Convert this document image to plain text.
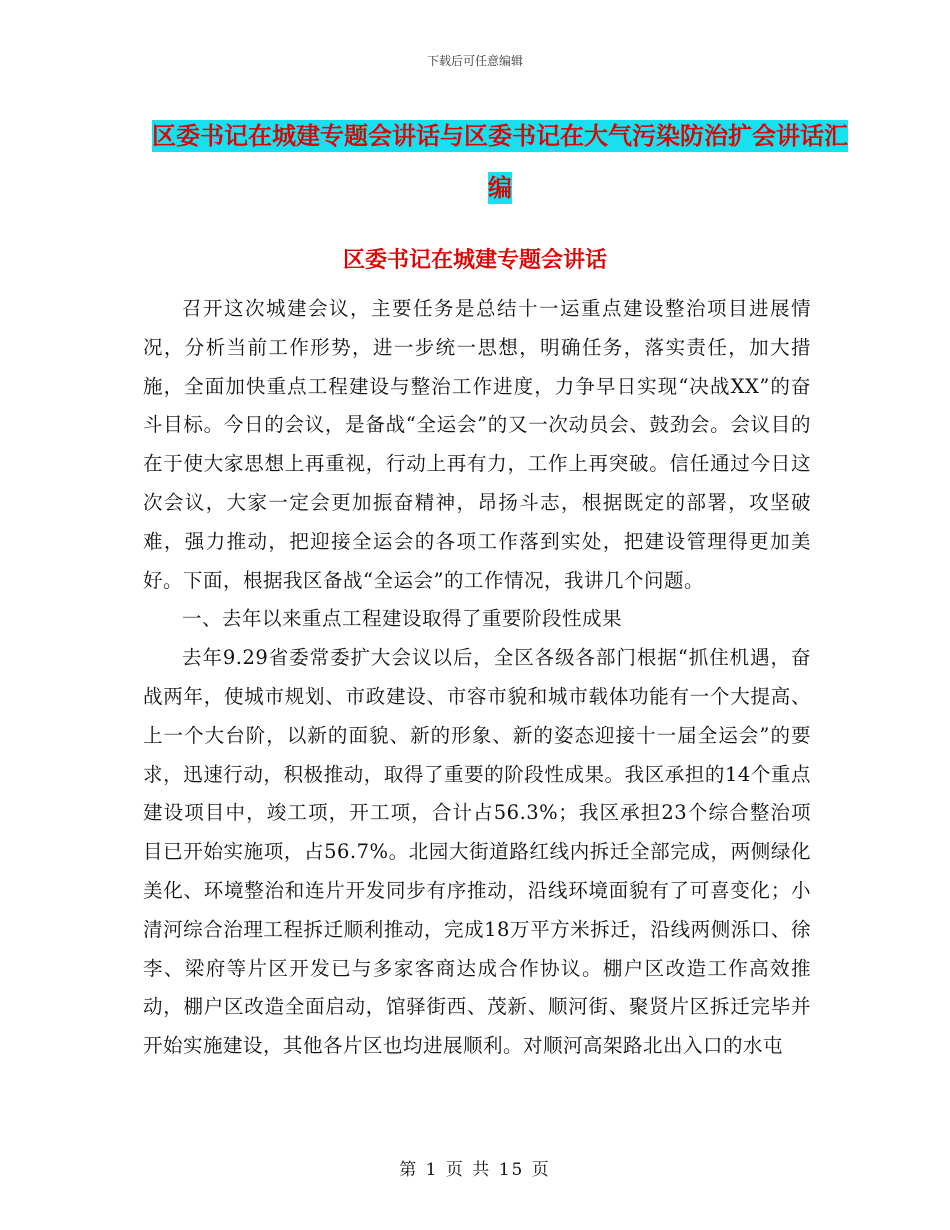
下载后可任意编辑
区委书记在城建专题会讲话与区委书记在大气污染防治扩会讲话汇编
区委书记在城建专题会讲话

召开这次城建会议，主要任务是总结十一运重点建设整治项目进展情况，分析当前工作形势，进一步统一思想，明确任务，落实责任，加大措施，全面加快重点工程建设与整治工作进度，力争早日实现“决战XX”的奋斗目标。今日的会议，是备战“全运会”的又一次动员会、鼓劲会。会议目的在于使大家思想上再重视，行动上再有力，工作上再突破。信任通过今日这次会议，大家一定会更加振奋精神，昂扬斗志，根据既定的部署，攻坚破难，强力推动，把迎接全运会的各项工作落到实处，把建设管理得更加美好。下面，根据我区备战“全运会”的工作情况，我讲几个问题。

一、去年以来重点工程建设取得了重要阶段性成果

去年9.29省委常委扩大会议以后，全区各级各部门根据“抓住机遇，奋战两年，使城市规划、市政建设、市容市貌和城市载体功能有一个大提高、上一个大台阶，以新的面貌、新的形象、新的姿态迎接十一届全运会”的要求，迅速行动，积极推动，取得了重要的阶段性成果。我区承担的14个重点建设项目中，竣工项，开工项，合计占56.3%；我区承担23个综合整治项目已开始实施项，占56.7%。北园大街道路红线内拆迁全部完成，两侧绿化美化、环境整治和连片开发同步有序推动，沿线环境面貌有了可喜变化；小清河综合治理工程拆迁顺利推动，完成18万平方米拆迁，沿线两侧泺口、徐李、梁府等片区开发已与多家客商达成合作协议。棚户区改造工作高效推动，棚户区改造全面启动，馆驿街西、茂新、顺河街、聚贤片区拆迁完毕并开始实施建设，其他各片区也均进展顺利。对顺河高架路北出入口的水屯

第 1 页 共 15 页
